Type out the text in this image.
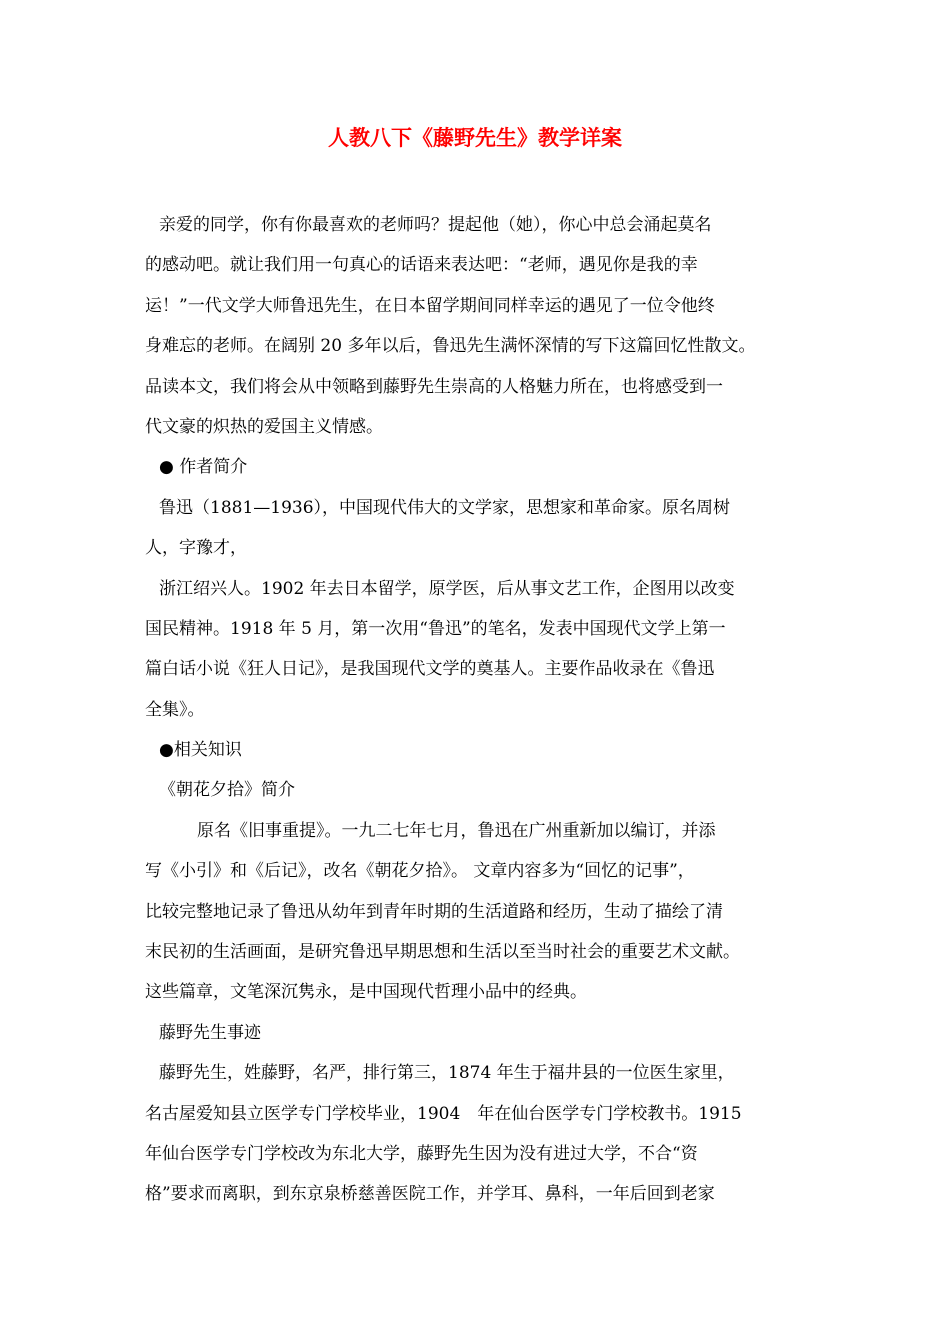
人教八下《藤野先生》教学详案
亲爱的同学，你有你最喜欢的老师吗？提起他（她），你心中总会涌起莫名
的感动吧。就让我们用一句真心的话语来表达吧：“老师，遇见你是我的幸
运！”一代文学大师鲁迅先生，在日本留学期间同样幸运的遇见了一位令他终
身难忘的老师。在阔别 20 多年以后，鲁迅先生满怀深情的写下这篇回忆性散文。
品读本文，我们将会从中领略到藤野先生崇高的人格魅力所在，也将感受到一
代文豪的炽热的爱国主义情感。
● 作者简介
鲁迅（1881—1936），中国现代伟大的文学家，思想家和革命家。原名周树
人，字豫才，
浙江绍兴人。1902 年去日本留学，原学医，后从事文艺工作，企图用以改变
国民精神。1918 年 5 月，第一次用“鲁迅”的笔名，发表中国现代文学上第一
篇白话小说《狂人日记》，是我国现代文学的奠基人。主要作品收录在《鲁迅
全集》。
●相关知识
《朝花夕拾》简介
原名《旧事重提》。一九二七年七月，鲁迅在广州重新加以编订，并添
写《小引》和《后记》，改名《朝花夕拾》。 文章内容多为“回忆的记事”，
比较完整地记录了鲁迅从幼年到青年时期的生活道路和经历，生动了描绘了清
末民初的生活画面，是研究鲁迅早期思想和生活以至当时社会的重要艺术文献。
这些篇章，文笔深沉隽永，是中国现代哲理小品中的经典。
藤野先生事迹
藤野先生，姓藤野，名严，排行第三，1874 年生于福井县的一位医生家里，
名古屋爱知县立医学专门学校毕业，1904　年在仙台医学专门学校教书。1915
年仙台医学专门学校改为东北大学，藤野先生因为没有进过大学，不合“资
格”要求而离职，到东京泉桥慈善医院工作，并学耳、鼻科，一年后回到老家
